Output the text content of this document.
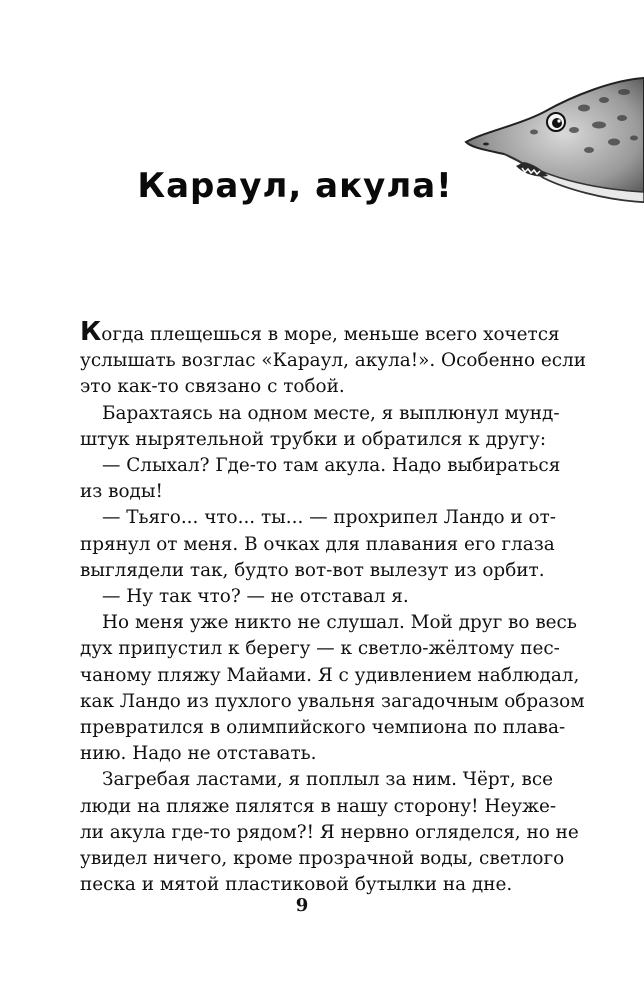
Караул, акула!
Когда плещешься в море, меньше всего хочется
услышать возглас «Караул, акула!». Особенно если
это как-то связано с тобой.
Барахтаясь на одном месте, я выплюнул мунд-
штук нырятельной трубки и обратился к другу:
— Слыхал? Где-то там акула. Надо выбираться
из воды!
— Тьяго... что... ты... — прохрипел Ландо и от-
прянул от меня. В очках для плавания его глаза
выглядели так, будто вот-вот вылезут из орбит.
— Ну так что? — не отставал я.
Но меня уже никто не слушал. Мой друг во весь
дух припустил к берегу — к светло-жёлтому пес-
чаному пляжу Майами. Я с удивлением наблюдал,
как Ландо из пухлого увальня загадочным образом
превратился в олимпийского чемпиона по плава-
нию. Надо не отставать.
Загребая ластами, я поплыл за ним. Чёрт, все
люди на пляже пялятся в нашу сторону! Неуже-
ли акула где-то рядом?! Я нервно огляделся, но не
увидел ничего, кроме прозрачной воды, светлого
песка и мятой пластиковой бутылки на дне.

9
